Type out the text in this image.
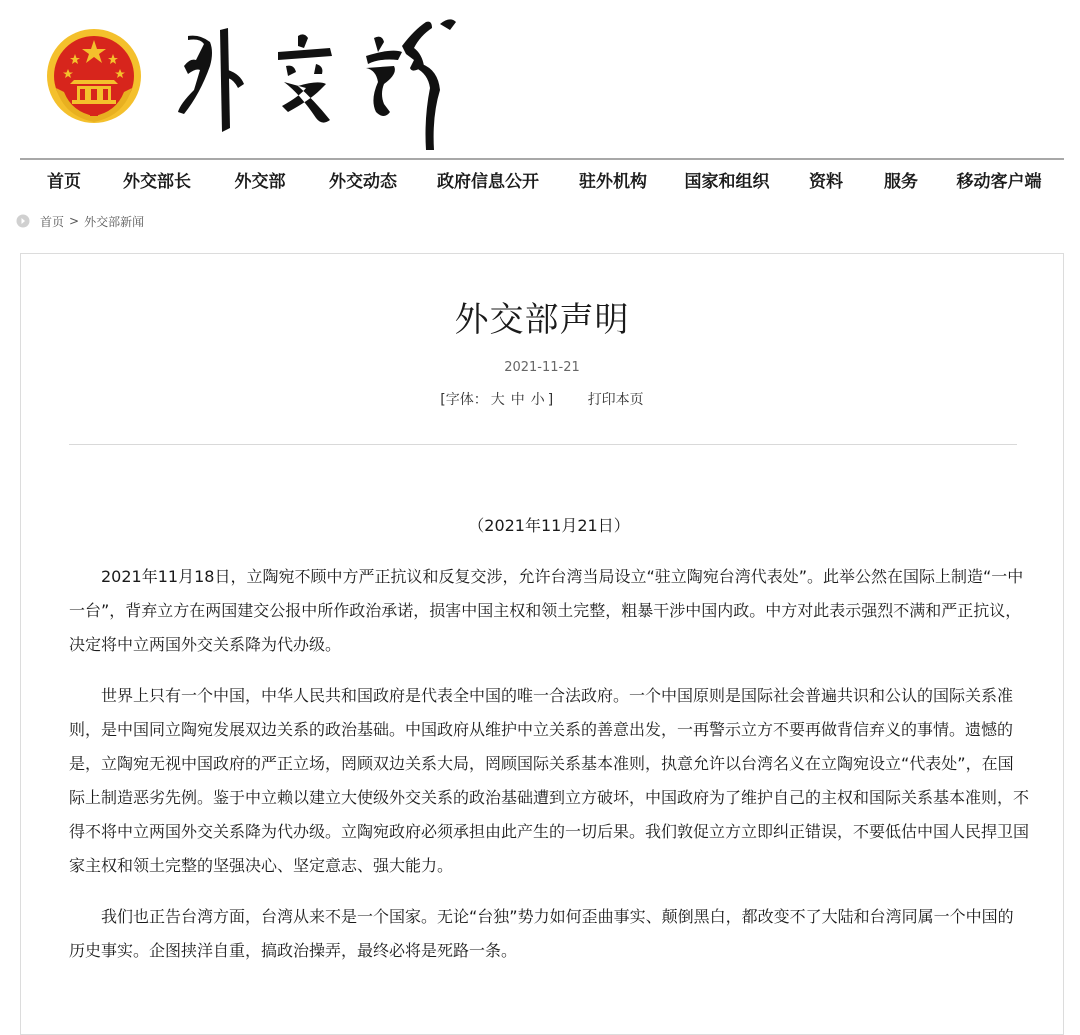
首页 外交部长	外交部	外交动态 政府信息公开 驻外机构 国家和组织 资料 服务 移动客户端
首页 > 外交部新闻
外交部声明
2021-11-21
[字体： 大 中 小 ] 打印本页

（2021年11月21日）

2021年11月18日，立陶宛不顾中方严正抗议和反复交涉，允许台湾当局设立“驻立陶宛台湾代表处”。此举公然在国际上制造“一中一台”，背弃立方在两国建交公报中所作政治承诺，损害中国主权和领土完整，粗暴干涉中国内政。中方对此表示强烈不满和严正抗议，决定将中立两国外交关系降为代办级。

世界上只有一个中国，中华人民共和国政府是代表全中国的唯一合法政府。一个中国原则是国际社会普遍共识和公认的国际关系准则，是中国同立陶宛发展双边关系的政治基础。中国政府从维护中立关系的善意出发，一再警示立方不要再做背信弃义的事情。遗憾的是，立陶宛无视中国政府的严正立场，罔顾双边关系大局，罔顾国际关系基本准则，执意允许以台湾名义在立陶宛设立“代表处”，在国际上制造恶劣先例。鉴于中立赖以建立大使级外交关系的政治基础遭到立方破坏，中国政府为了维护自己的主权和国际关系基本准则，不得不将中立两国外交关系降为代办级。立陶宛政府必须承担由此产生的一切后果。我们敦促立方立即纠正错误，不要低估中国人民捍卫国家主权和领土完整的坚强决心、坚定意志、强大能力。

我们也正告台湾方面，台湾从来不是一个国家。无论“台独”势力如何歪曲事实、颠倒黑白，都改变不了大陆和台湾同属一个中国的历史事实。企图挟洋自重，搞政治操弄，最终必将是死路一条。
